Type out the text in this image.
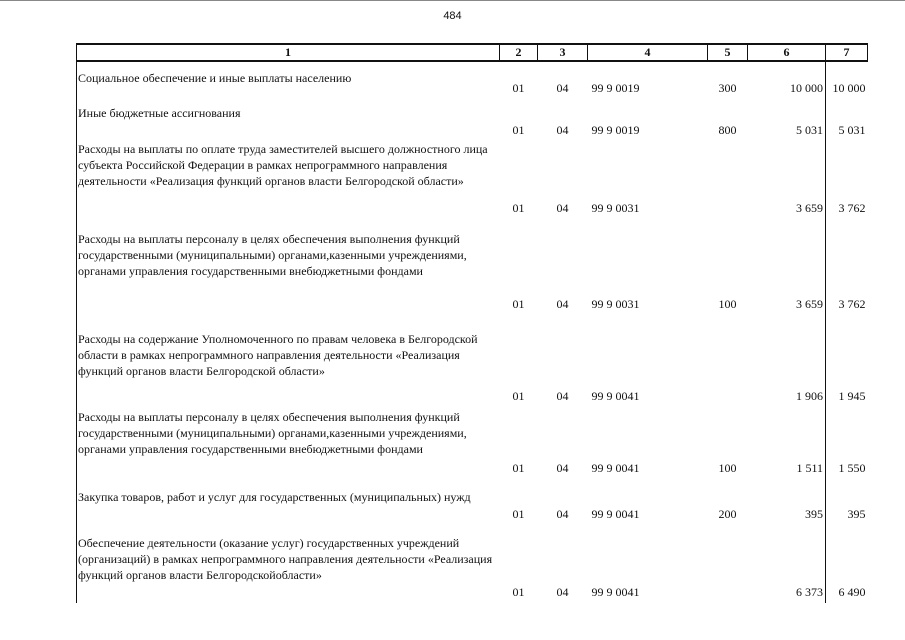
484
1	2	3	4	5	6	7
Социальное обеспечение и иные выплаты населению	01	04	99 9 0019	300	10 000	10 000
Иные бюджетные ассигнования	01	04	99 9 0019	800	5 031	5 031
Расходы на выплаты по оплате труда заместителей высшего должностного лица субъекта Российской Федерации в рамках непрограммного направления деятельности «Реализация функций органов власти Белгородской области»	01	04	99 9 0031		3 659	3 762
Расходы на выплаты персоналу в целях обеспечения выполнения функций государственными (муниципальными) органами,казенными учреждениями, органами управления государственными внебюджетными фондами	01	04	99 9 0031	100	3 659	3 762
Расходы на содержание Уполномоченного по правам человека в Белгородской области в рамках непрограммного направления деятельности «Реализация функций органов власти Белгородской области»	01	04	99 9 0041		1 906	1 945
Расходы на выплаты персоналу в целях обеспечения выполнения функций государственными (муниципальными) органами,казенными учреждениями, органами управления государственными внебюджетными фондами	01	04	99 9 0041	100	1 511	1 550
Закупка товаров, работ и услуг для государственных (муниципальных) нужд	01	04	99 9 0041	200	395	395
Обеспечение деятельности (оказание услуг) государственных учреждений (организаций) в рамках непрограммного направления деятельности «Реализация функций органов власти Белгородскойобласти»	01	04	99 9 0041		6 373	6 490
